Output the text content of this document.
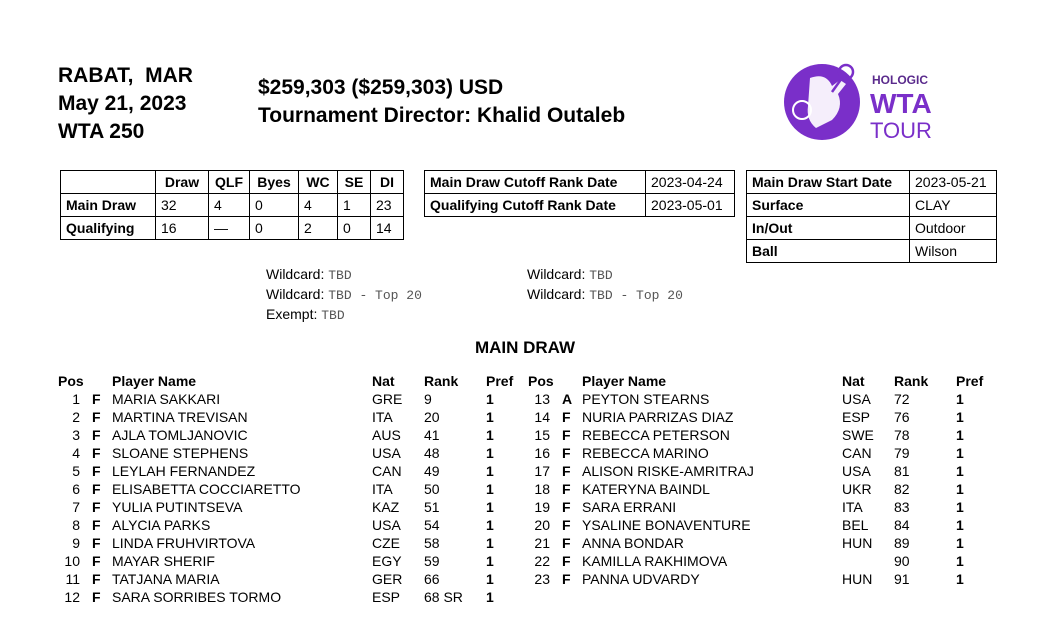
RABAT,  MAR
May 21, 2023
WTA 250
$259,303 ($259,303) USD
Tournament Director: Khalid Outaleb
HOLOGIC
WTA
TOUR
	Draw	QLF	Byes	WC	SE	DI
Main Draw	32	4	0	4	1	23
Qualifying	16	—	0	2	0	14
Main Draw Cutoff Rank Date	2023-04-24
Qualifying Cutoff Rank Date	2023-05-01
Main Draw Start Date	2023-05-21
Surface	CLAY
In/Out	Outdoor
Ball	Wilson
Wildcard: TBD
Wildcard: TBD - Top 20
Exempt: TBD
Wildcard: TBD
Wildcard: TBD - Top 20
MAIN DRAW
Pos Player Name	Nat Rank Pref
1 F MARIA SAKKARI	GRE 9	1
2 F MARTINA TREVISAN	ITA 20	1
3 F AJLA TOMLJANOVIC	AUS 41	1
4 F SLOANE STEPHENS	USA 48	1
5 F LEYLAH FERNANDEZ	CAN 49	1
6 F ELISABETTA COCCIARETTO	ITA 50	1
7 F YULIA PUTINTSEVA	KAZ 51	1
8 F ALYCIA PARKS	USA 54	1
9 F LINDA FRUHVIRTOVA	CZE 58	1
10 F MAYAR SHERIF	EGY 59	1
11 F TATJANA MARIA	GER 66	1
12 F SARA SORRIBES TORMO	ESP 68 SR 1
Pos Player Name	Nat Rank Pref
13 A PEYTON STEARNS	USA 72	1
14 F NURIA PARRIZAS DIAZ	ESP 76	1
15 F REBECCA PETERSON	SWE 78	1
16 F REBECCA MARINO	CAN 79	1
17 F ALISON RISKE-AMRITRAJ	USA 81	1
18 F KATERYNA BAINDL	UKR 82	1
19 F SARA ERRANI	ITA 83	1
20 F YSALINE BONAVENTURE	BEL 84	1
21 F ANNA BONDAR	HUN 89	1
22 F KAMILLA RAKHIMOVA	90	1
23 F PANNA UDVARDY	HUN 91	1
